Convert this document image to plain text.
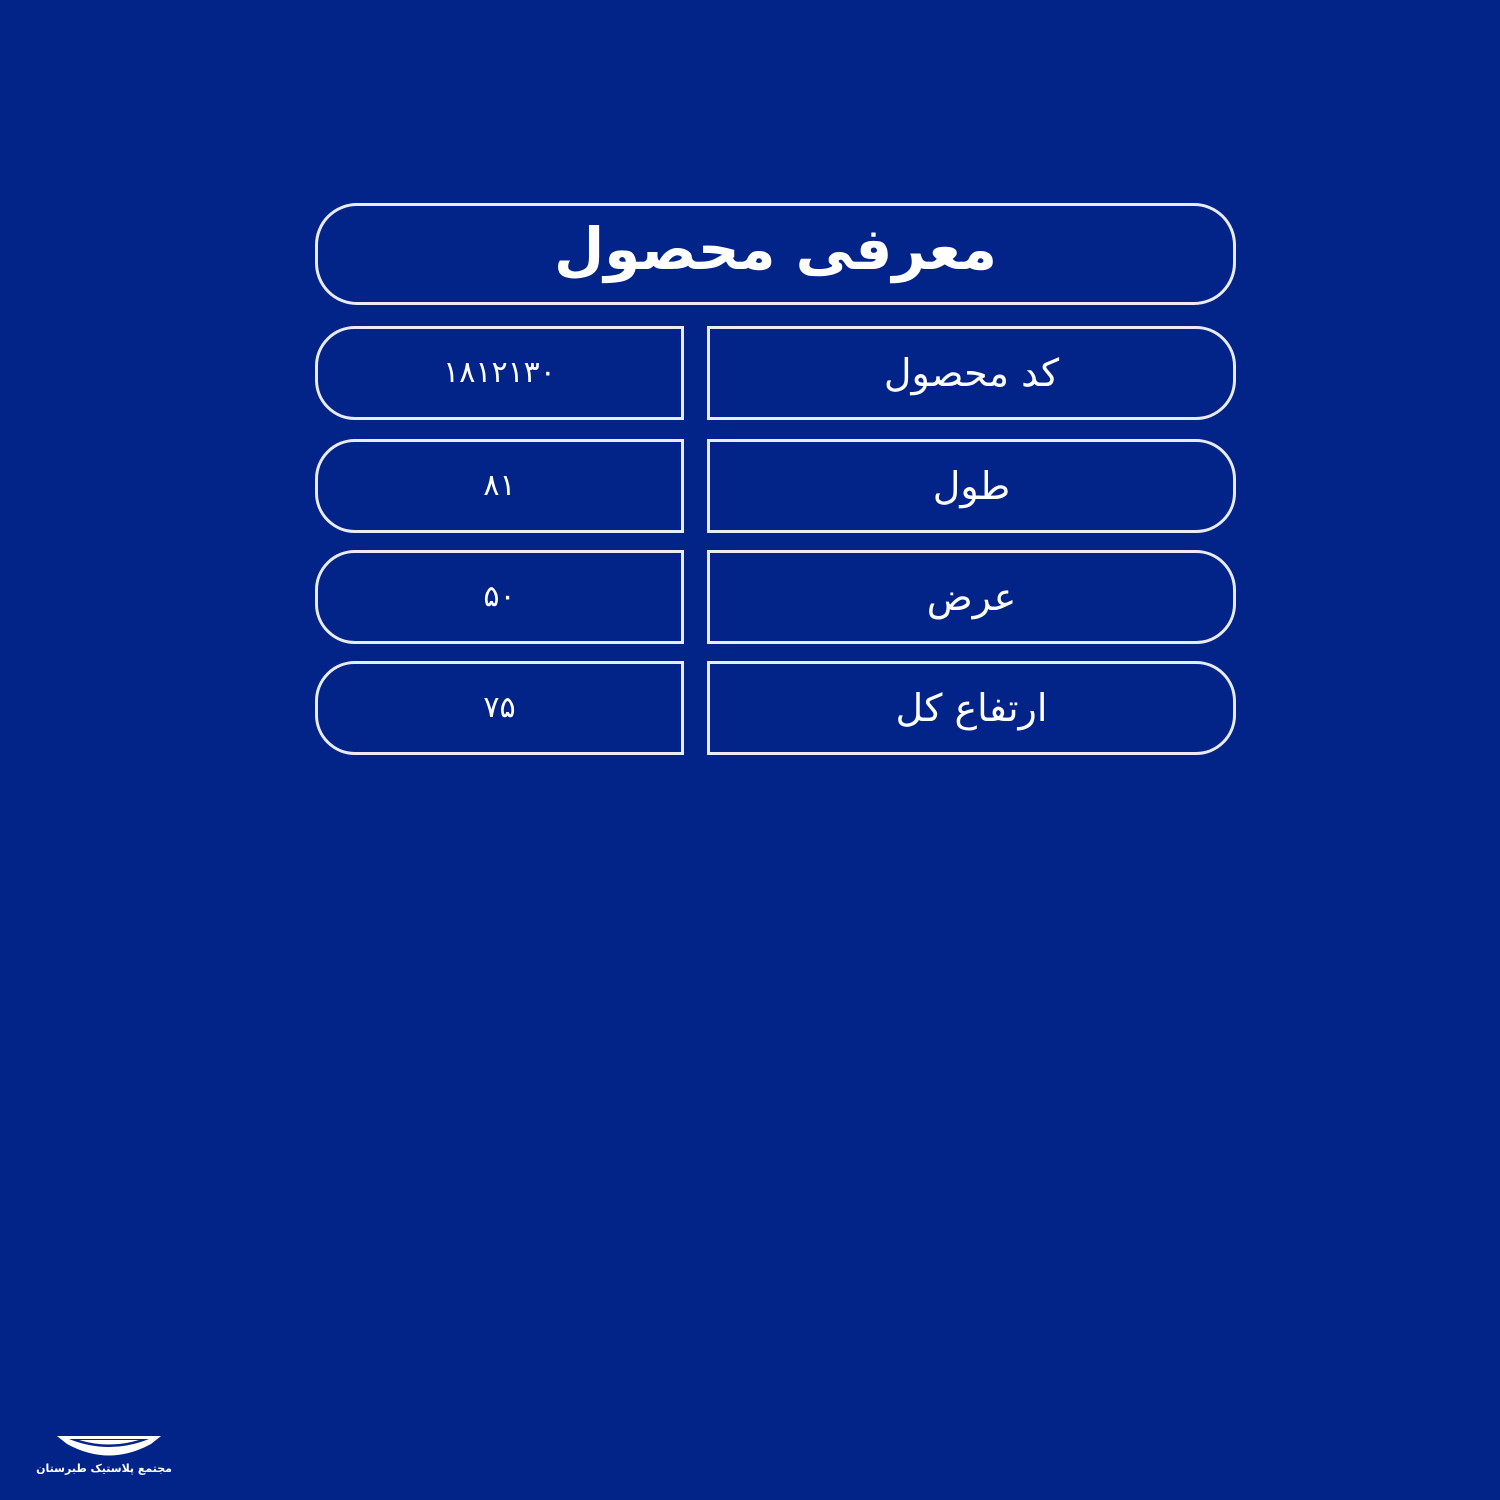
معرفی محصول
کد محصول
۱۸۱۲۱۳۰
طول
۸۱
عرض
۵۰
ارتفاع کل
۷۵
مجتمع پلاستیک طبرستان
